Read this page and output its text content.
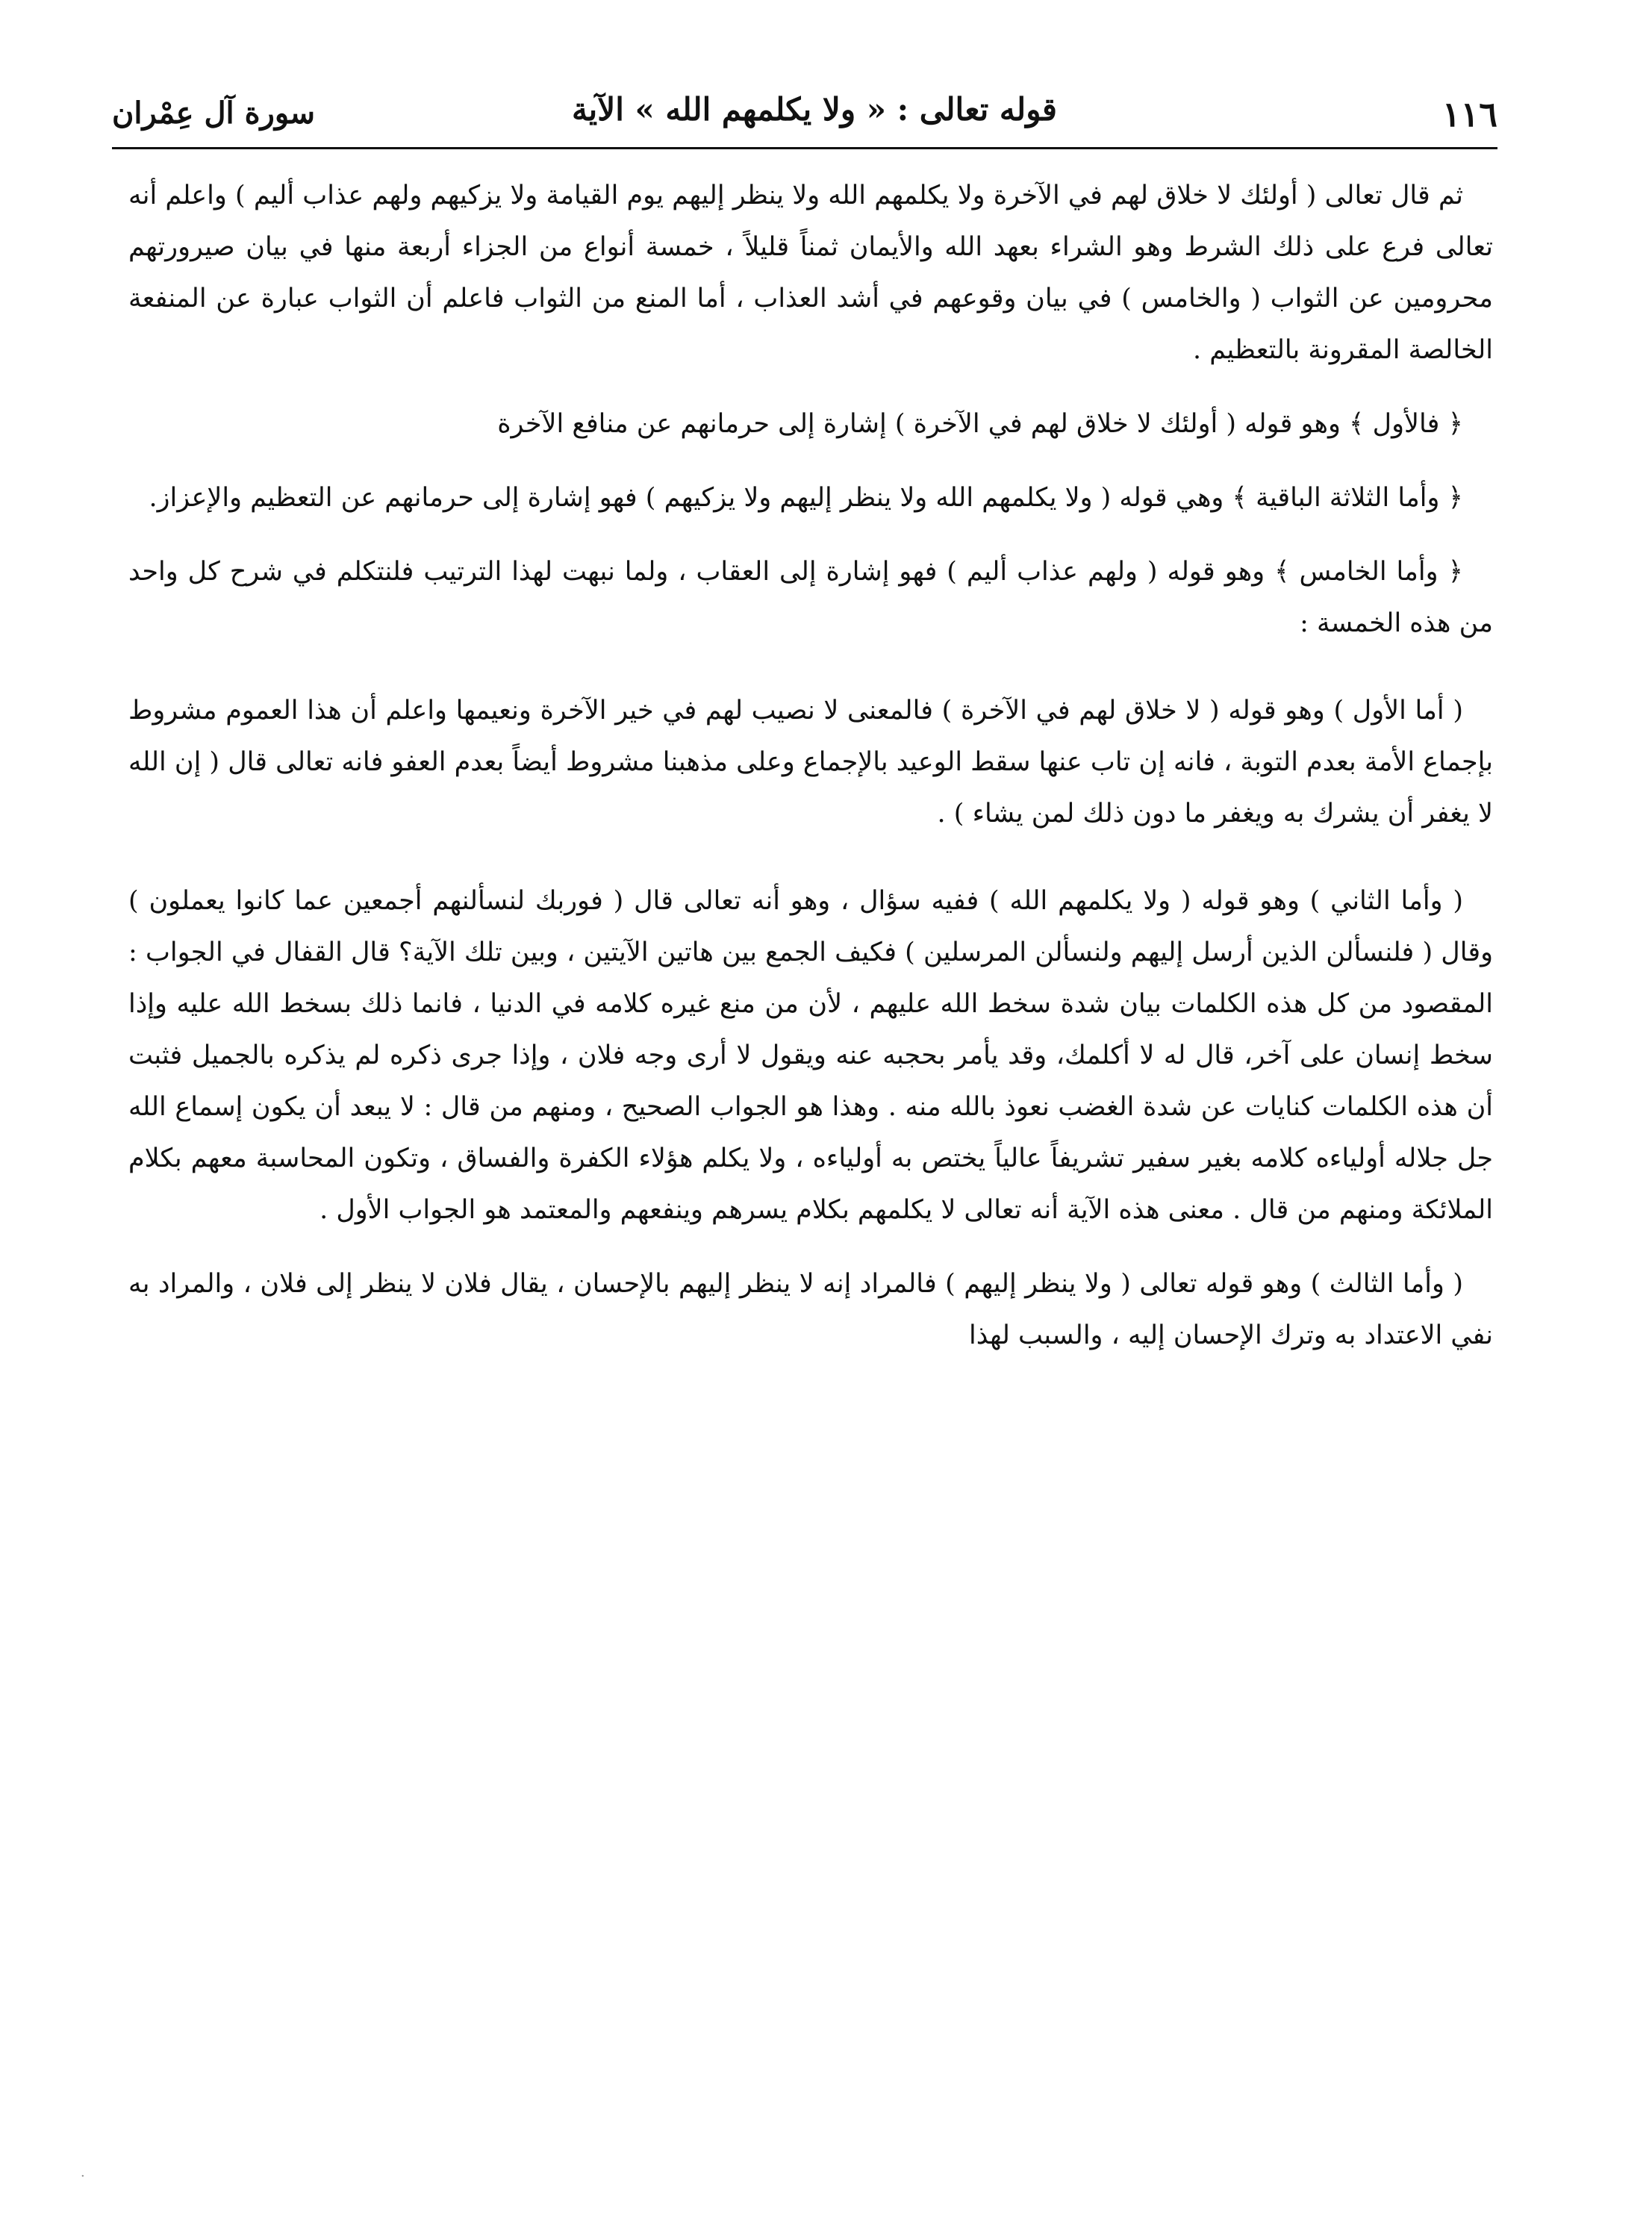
١١٦
قوله تعالى : « ولا يكلمهم الله » الآية
سورة آل عِمْران

ثم قال تعالى ( أولئك لا خلاق لهم في الآخرة ولا يكلمهم الله ولا ينظر إليهم يوم القيامة ولا يزكيهم ولهم عذاب أليم ) واعلم أنه تعالى فرع على ذلك الشرط وهو الشراء بعهد الله والأيمان ثمناً قليلاً ، خمسة أنواع من الجزاء أربعة منها في بيان صيرورتهم محرومين عن الثواب ( والخامس ) في بيان وقوعهم في أشد العذاب ، أما المنع من الثواب فاعلم أن الثواب عبارة عن المنفعة الخالصة المقرونة بالتعظيم .

﴿ فالأول ﴾ وهو قوله ( أولئك لا خلاق لهم في الآخرة ) إشارة إلى حرمانهم عن منافع الآخرة

﴿ وأما الثلاثة الباقية ﴾ وهي قوله ( ولا يكلمهم الله ولا ينظر إليهم ولا يزكيهم ) فهو إشارة إلى حرمانهم عن التعظيم والإعزاز.

﴿ وأما الخامس ﴾ وهو قوله ( ولهم عذاب أليم ) فهو إشارة إلى العقاب ، ولما نبهت لهذا الترتيب فلنتكلم في شرح كل واحد من هذه الخمسة :

( أما الأول ) وهو قوله ( لا خلاق لهم في الآخرة ) فالمعنى لا نصيب لهم في خير الآخرة ونعيمها واعلم أن هذا العموم مشروط بإجماع الأمة بعدم التوبة ، فانه إن تاب عنها سقط الوعيد بالإجماع وعلى مذهبنا مشروط أيضاً بعدم العفو فانه تعالى قال ( إن الله لا يغفر أن يشرك به ويغفر ما دون ذلك لمن يشاء ) .

( وأما الثاني ) وهو قوله ( ولا يكلمهم الله ) ففيه سؤال ، وهو أنه تعالى قال ( فوربك لنسألنهم أجمعين عما كانوا يعملون ) وقال ( فلنسألن الذين أرسل إليهم ولنسألن المرسلين ) فكيف الجمع بين هاتين الآيتين ، وبين تلك الآية؟ قال القفال في الجواب : المقصود من كل هذه الكلمات بيان شدة سخط الله عليهم ، لأن من منع غيره كلامه في الدنيا ، فانما ذلك بسخط الله عليه وإذا سخط إنسان على آخر، قال له لا أكلمك، وقد يأمر بحجبه عنه ويقول لا أرى وجه فلان ، وإذا جرى ذكره لم يذكره بالجميل فثبت أن هذه الكلمات كنايات عن شدة الغضب نعوذ بالله منه . وهذا هو الجواب الصحيح ، ومنهم من قال : لا يبعد أن يكون إسماع الله جل جلاله أولياءه كلامه بغير سفير تشريفاً عالياً يختص به أولياءه ، ولا يكلم هؤلاء الكفرة والفساق ، وتكون المحاسبة معهم بكلام الملائكة ومنهم من قال . معنى هذه الآية أنه تعالى لا يكلمهم بكلام يسرهم وينفعهم والمعتمد هو الجواب الأول .

( وأما الثالث ) وهو قوله تعالى ( ولا ينظر إليهم ) فالمراد إنه لا ينظر إليهم بالإحسان ، يقال فلان لا ينظر إلى فلان ، والمراد به نفي الاعتداد به وترك الإحسان إليه ، والسبب لهذا

·
